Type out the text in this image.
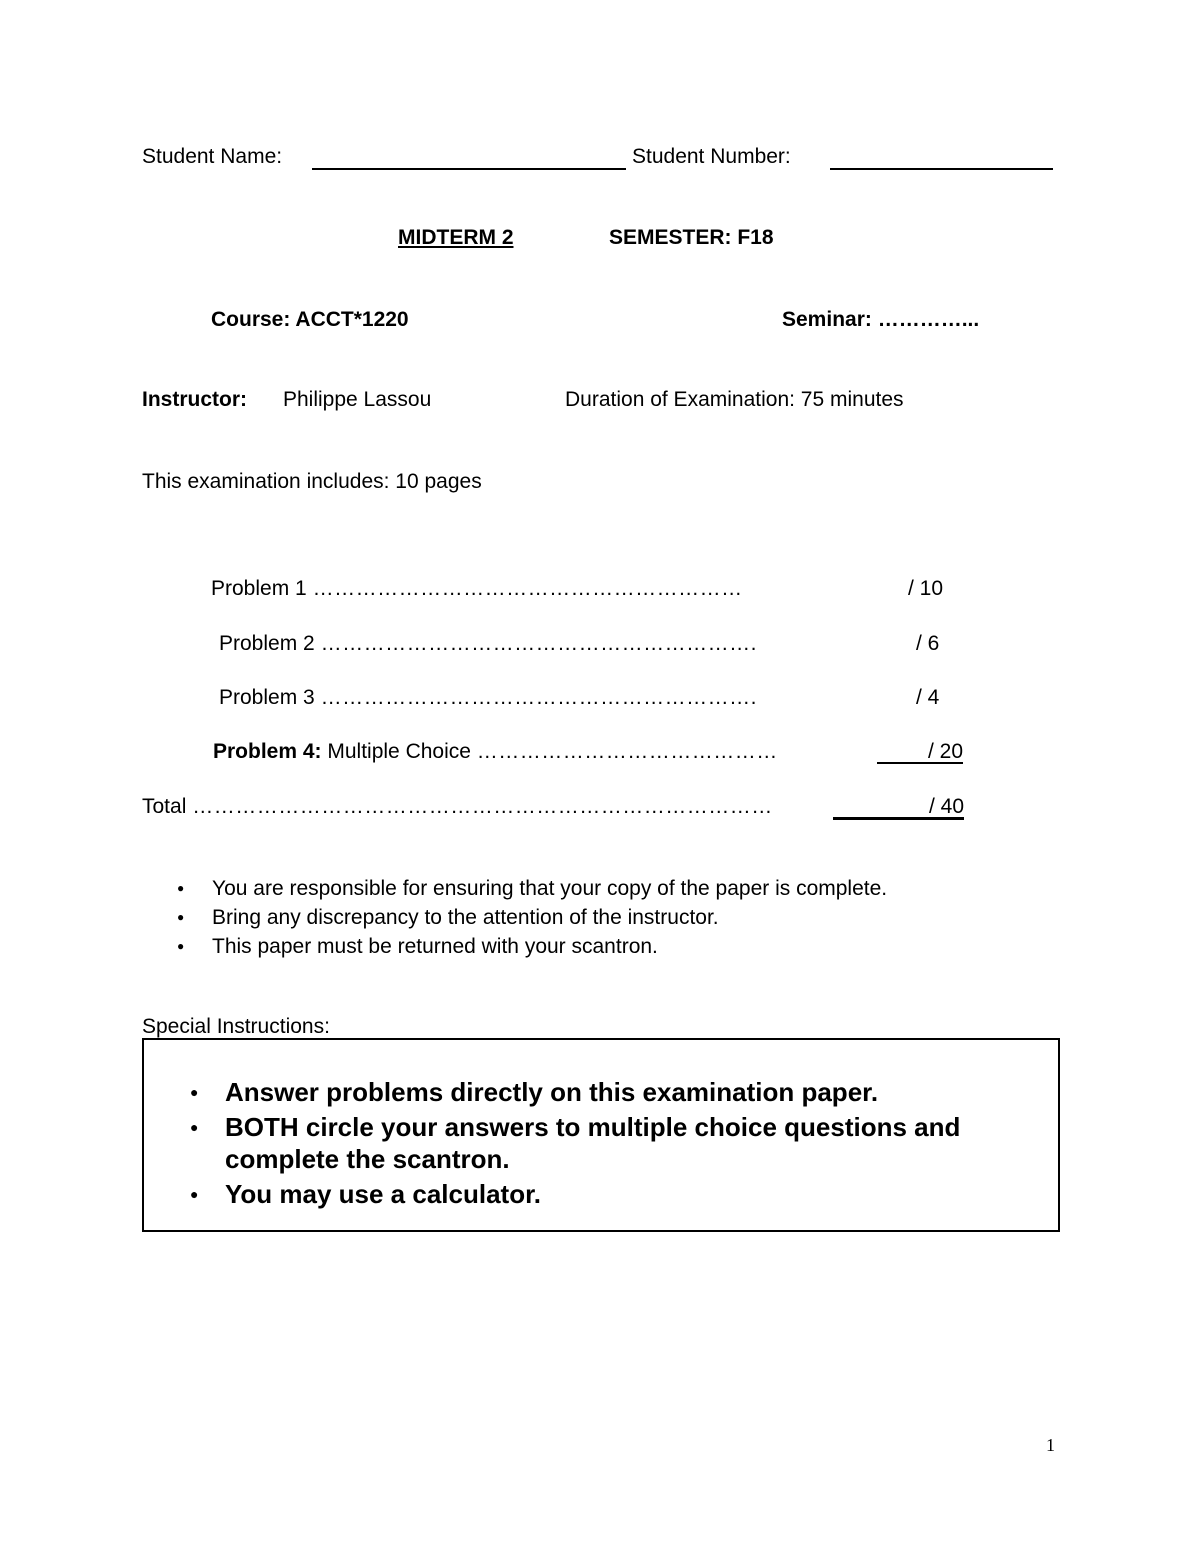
Student Name:	Student Number:
MIDTERM 2	SEMESTER: F18
Course: ACCT*1220	Seminar: …………...
Instructor: Philippe Lassou	Duration of Examination: 75 minutes
This examination includes: 10 pages
Problem 1 ……………………………………………………	/ 10
Problem 2 …………………………………………………….	/ 6
Problem 3 …………………………………………………….	/ 4
Problem 4: Multiple Choice ……………………………………	/ 20
Total ………………………………………………………………………	/ 40
● You are responsible for ensuring that your copy of the paper is complete.
● Bring any discrepancy to the attention of the instructor.
● This paper must be returned with your scantron.
Special Instructions:
● Answer problems directly on this examination paper.
● BOTH circle your answers to multiple choice questions and complete the scantron.
● You may use a calculator.
1
